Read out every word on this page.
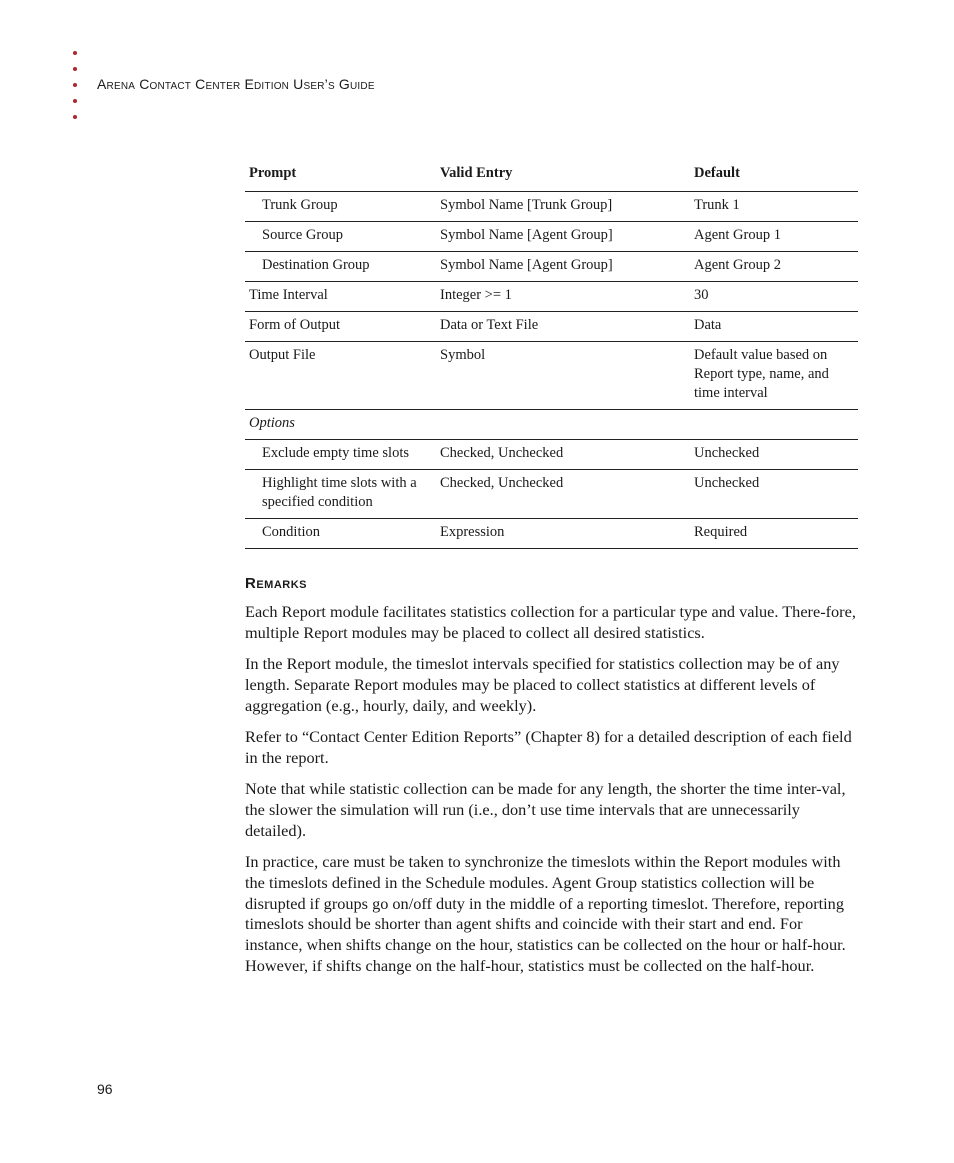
Arena Contact Center Edition User’s Guide
Prompt	Valid Entry	Default
Trunk Group	Symbol Name [Trunk Group]	Trunk 1
Source Group	Symbol Name [Agent Group]	Agent Group 1
Destination Group	Symbol Name [Agent Group]	Agent Group 2
Time Interval	Integer >= 1	30
Form of Output	Data or Text File	Data
Output File	Symbol	Default value based on Report type, name, and time interval
Options		
Exclude empty time slots	Checked, Unchecked	Unchecked
Highlight time slots with a specified condition	Checked, Unchecked	Unchecked
Condition	Expression	Required
Remarks

Each Report module facilitates statistics collection for a particular type and value. There-fore, multiple Report modules may be placed to collect all desired statistics.

In the Report module, the timeslot intervals specified for statistics collection may be of any length. Separate Report modules may be placed to collect statistics at different levels of aggregation (e.g., hourly, daily, and weekly).

Refer to “Contact Center Edition Reports” (Chapter 8) for a detailed description of each field in the report.

Note that while statistic collection can be made for any length, the shorter the time inter-val, the slower the simulation will run (i.e., don’t use time intervals that are unnecessarily detailed).

In practice, care must be taken to synchronize the timeslots within the Report modules with the timeslots defined in the Schedule modules. Agent Group statistics collection will be disrupted if groups go on/off duty in the middle of a reporting timeslot. Therefore, reporting timeslots should be shorter than agent shifts and coincide with their start and end. For instance, when shifts change on the hour, statistics can be collected on the hour or half-hour. However, if shifts change on the half-hour, statistics must be collected on the half-hour.

96
